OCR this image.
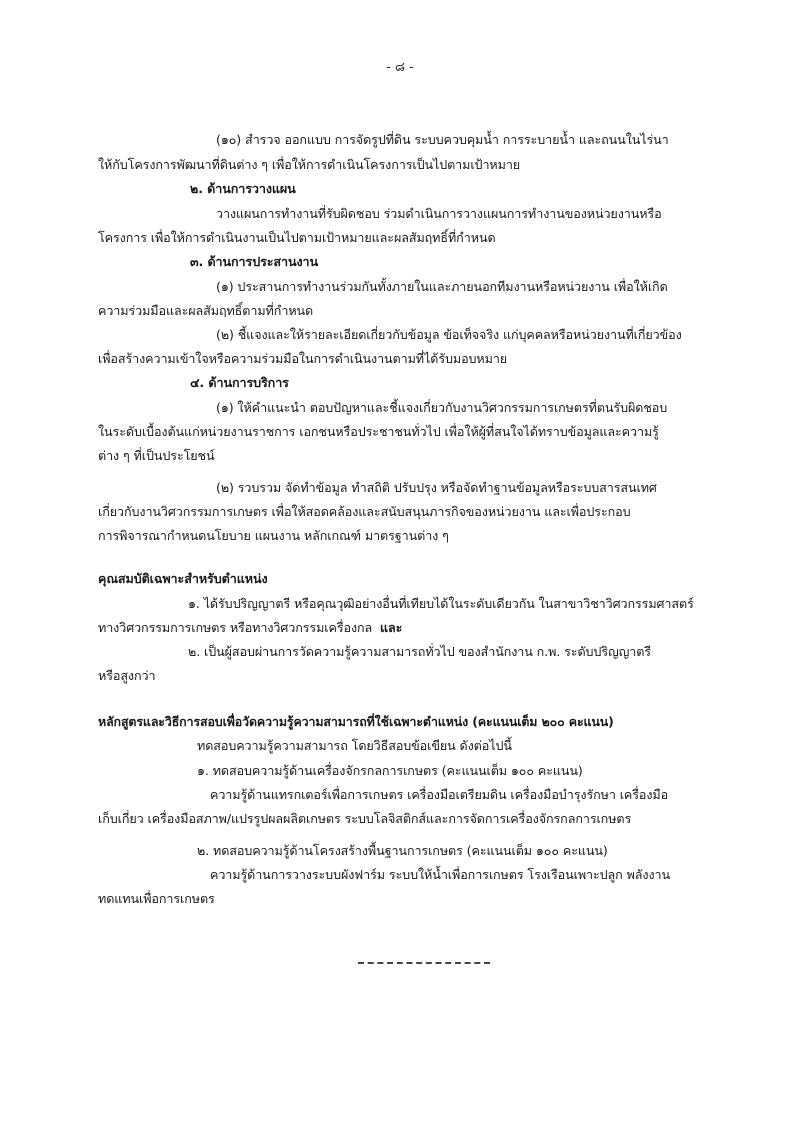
- ๘ -
(๑๐) สำรวจ ออกแบบ การจัดรูปที่ดิน ระบบควบคุมน้ำ การระบายน้ำ และถนนในไร่นา
ให้กับโครงการพัฒนาที่ดินต่าง ๆ เพื่อให้การดำเนินโครงการเป็นไปตามเป้าหมาย
๒. ด้านการวางแผน
วางแผนการทำงานที่รับผิดชอบ ร่วมดำเนินการวางแผนการทำงานของหน่วยงานหรือ
โครงการ เพื่อให้การดำเนินงานเป็นไปตามเป้าหมายและผลสัมฤทธิ์ที่กำหนด
๓. ด้านการประสานงาน
(๑) ประสานการทำงานร่วมกันทั้งภายในและภายนอกทีมงานหรือหน่วยงาน เพื่อให้เกิด
ความร่วมมือและผลสัมฤทธิ์ตามที่กำหนด
(๒) ชี้แจงและให้รายละเอียดเกี่ยวกับข้อมูล ข้อเท็จจริง แก่บุคคลหรือหน่วยงานที่เกี่ยวข้อง
เพื่อสร้างความเข้าใจหรือความร่วมมือในการดำเนินงานตามที่ได้รับมอบหมาย
๔. ด้านการบริการ
(๑) ให้คำแนะนำ ตอบปัญหาและชี้แจงเกี่ยวกับงานวิศวกรรมการเกษตรที่ตนรับผิดชอบ
ในระดับเบื้องต้นแก่หน่วยงานราชการ เอกชนหรือประชาชนทั่วไป เพื่อให้ผู้ที่สนใจได้ทราบข้อมูลและความรู้
ต่าง ๆ ที่เป็นประโยชน์
(๒) รวบรวม จัดทำข้อมูล ทำสถิติ ปรับปรุง หรือจัดทำฐานข้อมูลหรือระบบสารสนเทศ
เกี่ยวกับงานวิศวกรรมการเกษตร เพื่อให้สอดคล้องและสนับสนุนภารกิจของหน่วยงาน และเพื่อประกอบ
การพิจารณากำหนดนโยบาย แผนงาน หลักเกณฑ์ มาตรฐานต่าง ๆ
คุณสมบัติเฉพาะสำหรับตำแหน่ง
๑. ได้รับปริญญาตรี หรือคุณวุฒิอย่างอื่นที่เทียบได้ในระดับเดียวกัน ในสาขาวิชาวิศวกรรมศาสตร์
ทางวิศวกรรมการเกษตร หรือทางวิศวกรรมเครื่องกล และ
๒. เป็นผู้สอบผ่านการวัดความรู้ความสามารถทั่วไป ของสำนักงาน ก.พ. ระดับปริญญาตรี
หรือสูงกว่า
หลักสูตรและวิธีการสอบเพื่อวัดความรู้ความสามารถที่ใช้เฉพาะตำแหน่ง (คะแนนเต็ม ๒๐๐ คะแนน)
ทดสอบความรู้ความสามารถ โดยวิธีสอบข้อเขียน ดังต่อไปนี้
๑. ทดสอบความรู้ด้านเครื่องจักรกลการเกษตร (คะแนนเต็ม ๑๐๐ คะแนน)
ความรู้ด้านแทรกเตอร์เพื่อการเกษตร เครื่องมือเตรียมดิน เครื่องมือบำรุงรักษา เครื่องมือ
เก็บเกี่ยว เครื่องมือสภาพ/แปรรูปผลผลิตเกษตร ระบบโลจิสติกส์และการจัดการเครื่องจักรกลการเกษตร
๒. ทดสอบความรู้ด้านโครงสร้างพื้นฐานการเกษตร (คะแนนเต็ม ๑๐๐ คะแนน)
ความรู้ด้านการวางระบบผังฟาร์ม ระบบให้น้ำเพื่อการเกษตร โรงเรือนเพาะปลูก พลังงาน
ทดแทนเพื่อการเกษตร
